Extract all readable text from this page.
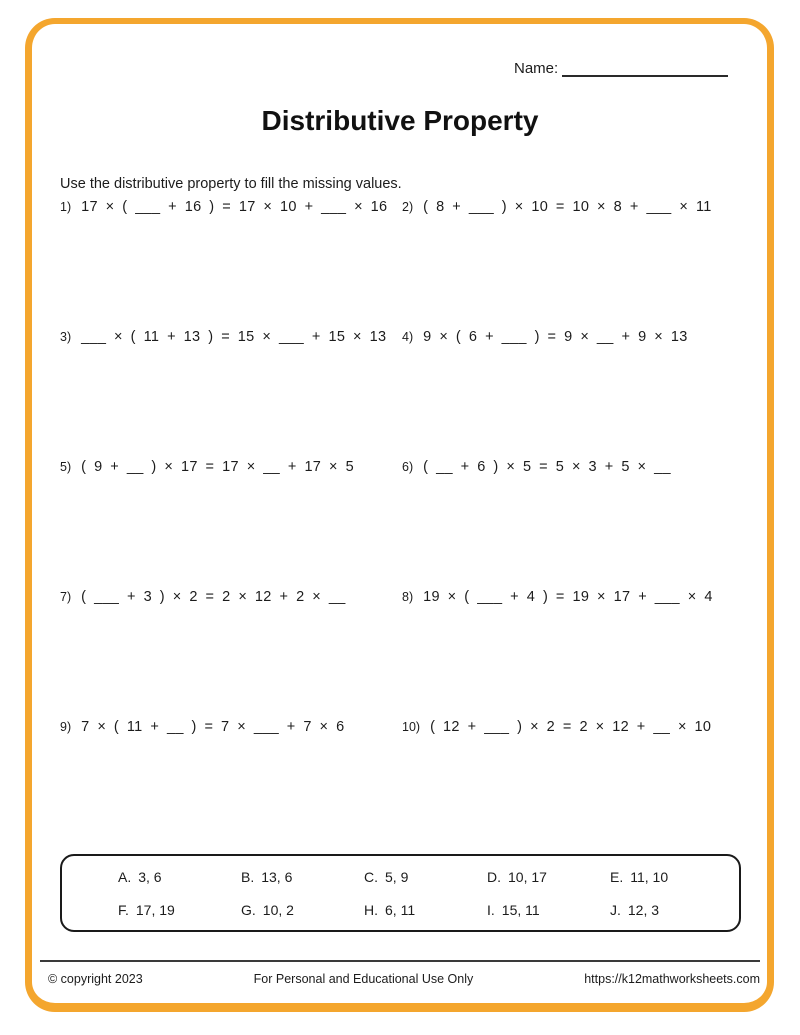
Name:
Distributive Property
Use the distributive property to fill the missing values.
1) 17 × ( ___ + 16 ) = 17 × 10 + ___ × 16 2) ( 8 + ___ ) × 10 = 10 × 8 + ___ × 11
3) ___ × ( 11 + 13 ) = 15 × ___ + 15 × 13 4) 9 × ( 6 + ___ ) = 9 × __ + 9 × 13
5) ( 9 + __ ) × 17 = 17 × __ + 17 × 5	6) ( __ + 6 ) × 5 = 5 × 3 + 5 × __
7) ( ___ + 3 ) × 2 = 2 × 12 + 2 × __	8) 19 × ( ___ + 4 ) = 19 × 17 + ___ × 4
9) 7 × ( 11 + __ ) = 7 × ___ + 7 × 6	10) ( 12 + ___ ) × 2 = 2 × 12 + __ × 10
A. 3, 6	B. 13, 6	C. 5, 9	D. 10, 17	E. 11, 10
F. 17, 19	G. 10, 2	H. 6, 11	I. 15, 11	J. 12, 3
© copyright 2023	For Personal and Educational Use Only	https://k12mathworksheets.com
